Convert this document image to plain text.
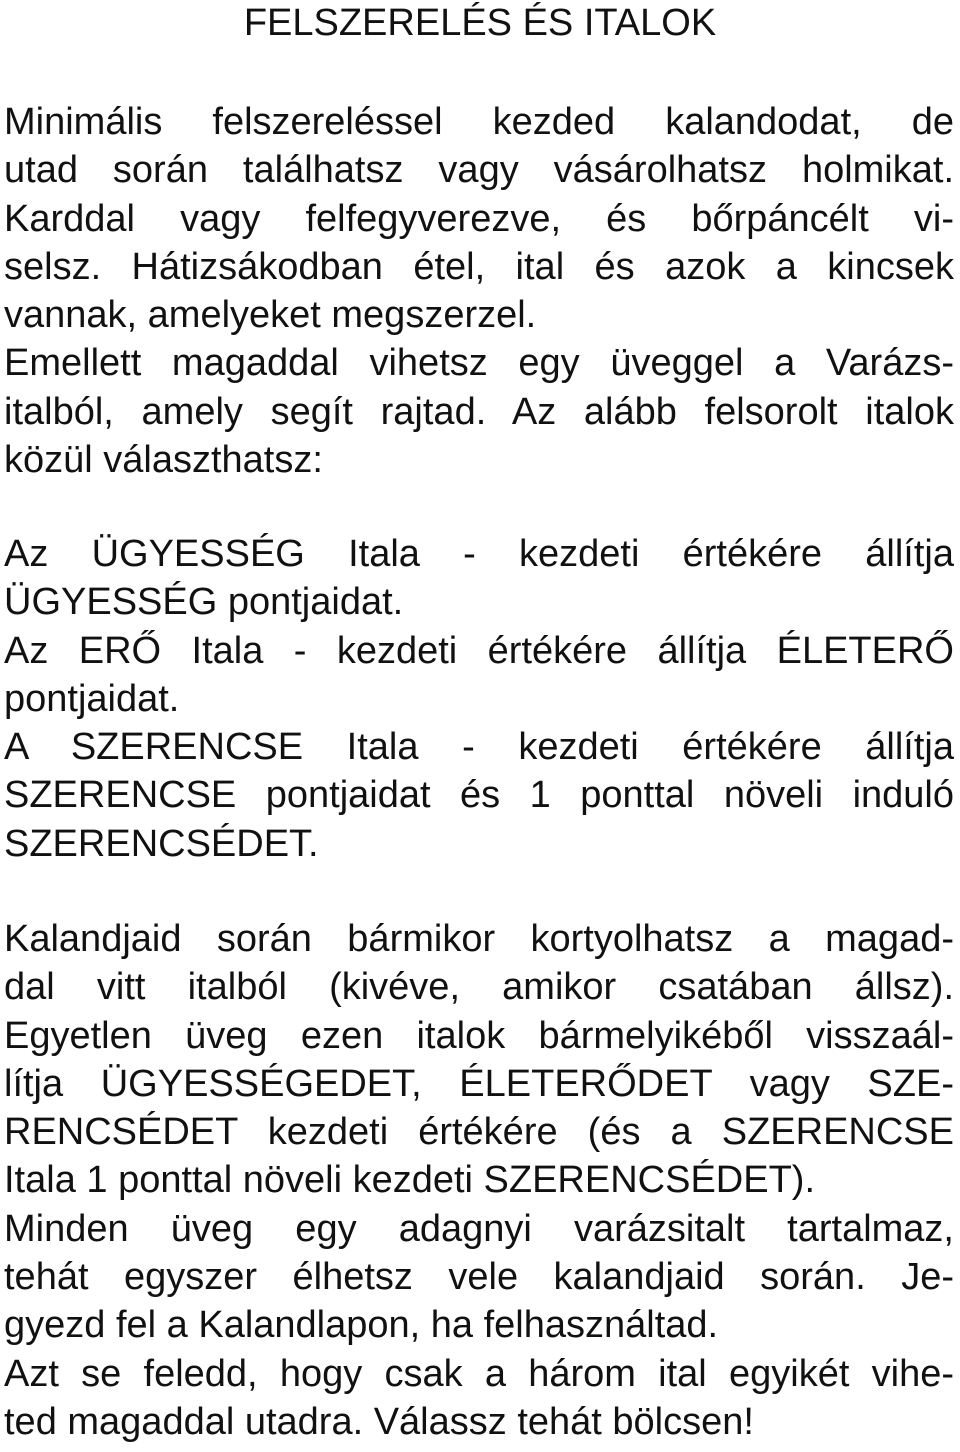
FELSZERELÉS ÉS ITALOK
Minimális felszereléssel kezded kalandodat, de
utad során találhatsz vagy vásárolhatsz holmikat.
Karddal vagy felfegyverezve, és bőrpáncélt vi-
selsz. Hátizsákodban étel, ital és azok a kincsek
vannak, amelyeket megszerzel.
Emellett magaddal vihetsz egy üveggel a Varázs-
italból, amely segít rajtad. Az alább felsorolt italok
közül választhatsz:
Az ÜGYESSÉG Itala - kezdeti értékére állítja
ÜGYESSÉG pontjaidat.
Az ERŐ Itala - kezdeti értékére állítja ÉLETERŐ
pontjaidat.
A SZERENCSE Itala - kezdeti értékére állítja
SZERENCSE pontjaidat és 1 ponttal növeli induló
SZERENCSÉDET.
Kalandjaid során bármikor kortyolhatsz a magad-
dal vitt italból (kivéve, amikor csatában állsz).
Egyetlen üveg ezen italok bármelyikéből visszaál-
lítja ÜGYESSÉGEDET, ÉLETERŐDET vagy SZE-
RENCSÉDET kezdeti értékére (és a SZERENCSE
Itala 1 ponttal növeli kezdeti SZERENCSÉDET).
Minden üveg egy adagnyi varázsitalt tartalmaz,
tehát egyszer élhetsz vele kalandjaid során. Je-
gyezd fel a Kalandlapon, ha felhasználtad.
Azt se feledd, hogy csak a három ital egyikét vihe-
ted magaddal utadra. Válassz tehát bölcsen!
